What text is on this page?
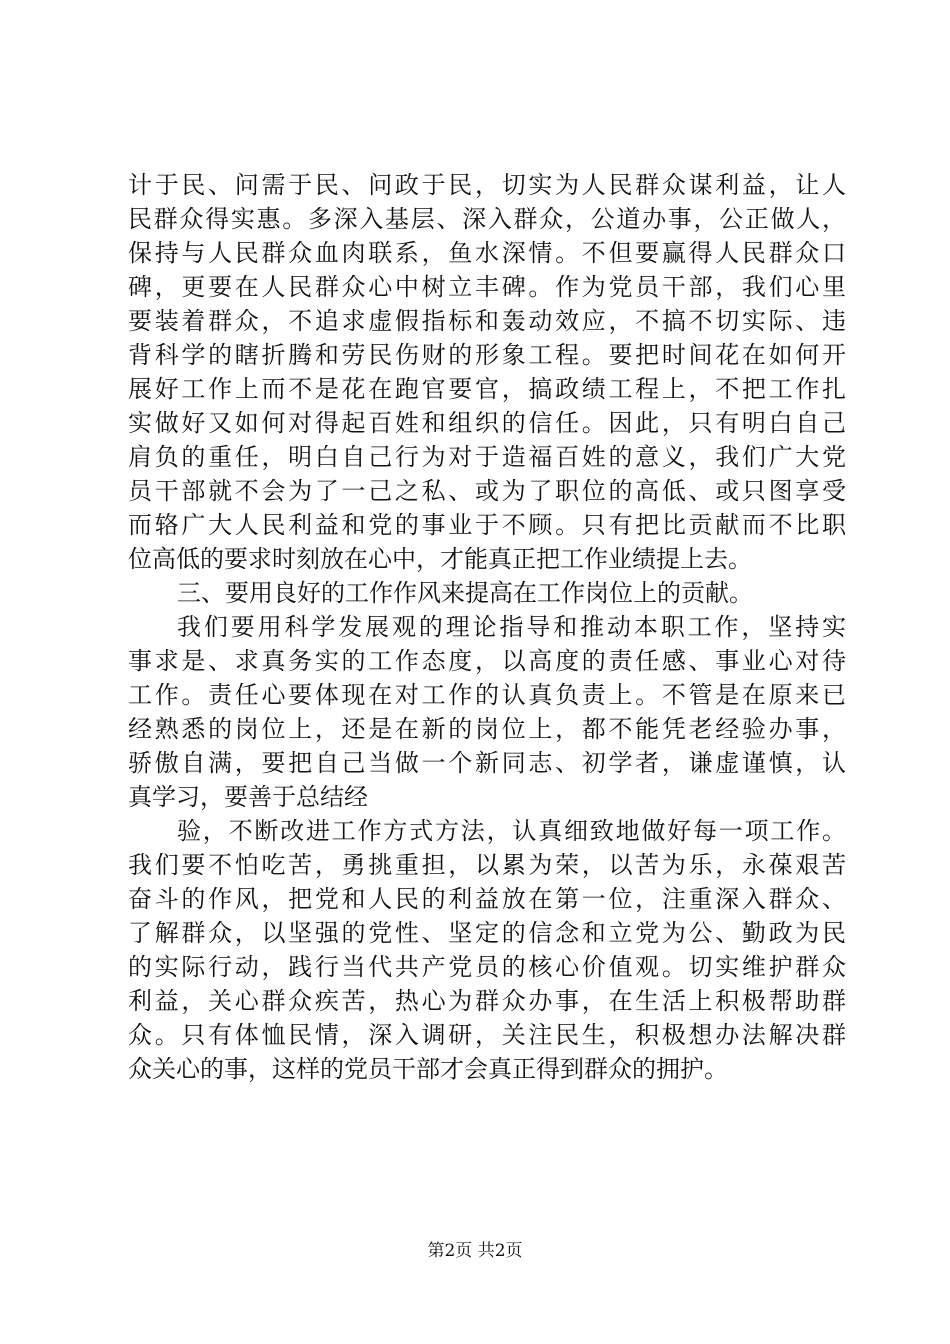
计于民、问需于民、问政于民，切实为人民群众谋利益，让人
民群众得实惠。多深入基层、深入群众，公道办事，公正做人，
保持与人民群众血肉联系，鱼水深情。不但要赢得人民群众口
碑，更要在人民群众心中树立丰碑。作为党员干部，我们心里
要装着群众，不追求虚假指标和轰动效应，不搞不切实际、违
背科学的瞎折腾和劳民伤财的形象工程。要把时间花在如何开
展好工作上而不是花在跑官要官，搞政绩工程上，不把工作扎
实做好又如何对得起百姓和组织的信任。因此，只有明白自己
肩负的重任，明白自己行为对于造福百姓的意义，我们广大党
员干部就不会为了一己之私、或为了职位的高低、或只图享受
而辂广大人民利益和党的事业于不顾。只有把比贡献而不比职
位高低的要求时刻放在心中，才能真正把工作业绩提上去。
三、要用良好的工作作风来提高在工作岗位上的贡献。
我们要用科学发展观的理论指导和推动本职工作，坚持实
事求是、求真务实的工作态度，以高度的责任感、事业心对待
工作。责任心要体现在对工作的认真负责上。不管是在原来已
经熟悉的岗位上，还是在新的岗位上，都不能凭老经验办事，
骄傲自满，要把自己当做一个新同志、初学者，谦虚谨慎，认
真学习，要善于总结经
验，不断改进工作方式方法，认真细致地做好每一项工作。
我们要不怕吃苦，勇挑重担，以累为荣，以苦为乐，永葆艰苦
奋斗的作风，把党和人民的利益放在第一位，注重深入群众、
了解群众，以坚强的党性、坚定的信念和立党为公、勤政为民
的实际行动，践行当代共产党员的核心价值观。切实维护群众
利益，关心群众疾苦，热心为群众办事，在生活上积极帮助群
众。只有体恤民情，深入调研，关注民生，积极想办法解决群
众关心的事，这样的党员干部才会真正得到群众的拥护。
第2页 共2页
